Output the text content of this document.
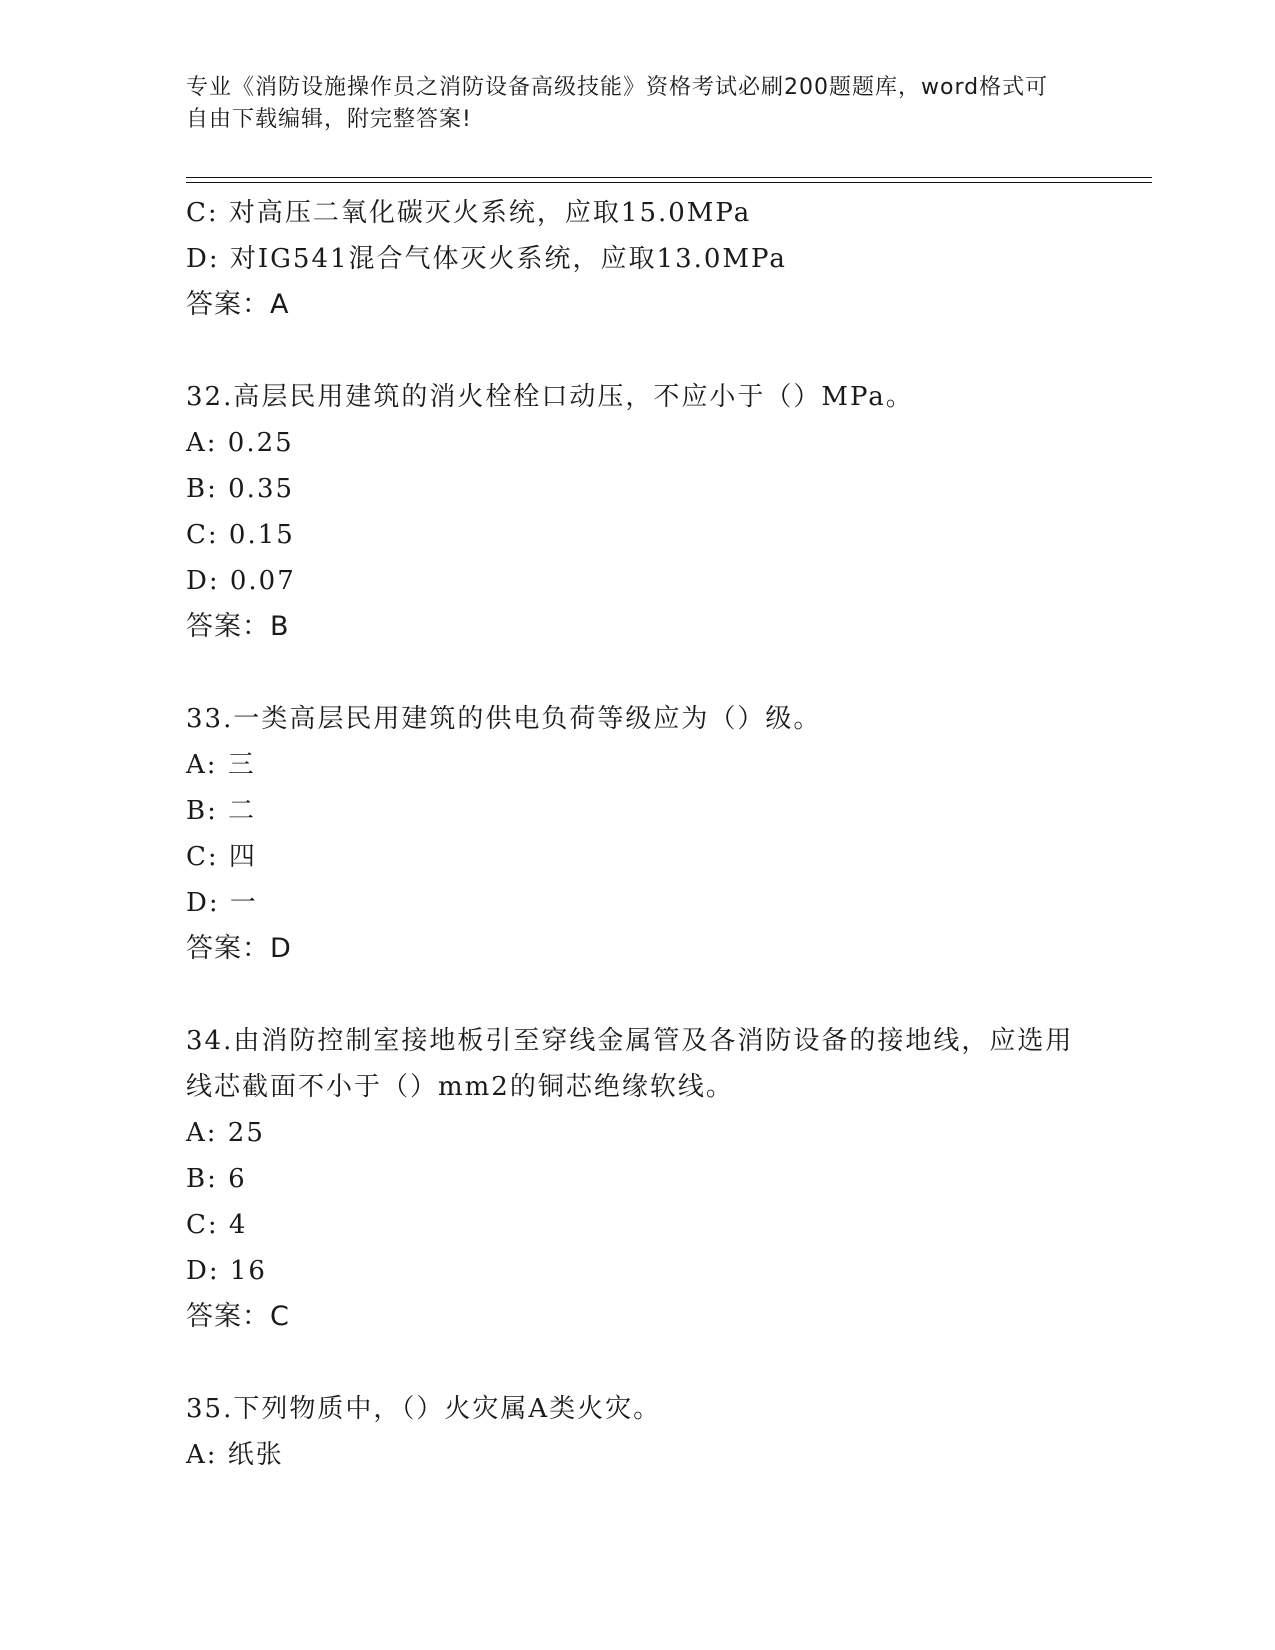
专业《消防设施操作员之消防设备高级技能》资格考试必刷200题题库，word格式可自由下载编辑，附完整答案!
C: 对高压二氧化碳灭火系统，应取15.0MPa
D: 对IG541混合气体灭火系统，应取13.0MPa
答案：A
32.高层民用建筑的消火栓栓口动压，不应小于（）MPa。
A: 0.25
B: 0.35
C: 0.15
D: 0.07
答案：B
33.一类高层民用建筑的供电负荷等级应为（）级。
A: 三
B: 二
C: 四
D: 一
答案：D
34.由消防控制室接地板引至穿线金属管及各消防设备的接地线，应选用线芯截面不小于（）mm2的铜芯绝缘软线。
A: 25
B: 6
C: 4
D: 16
答案：C
35.下列物质中，（）火灾属A类火灾。
A: 纸张
